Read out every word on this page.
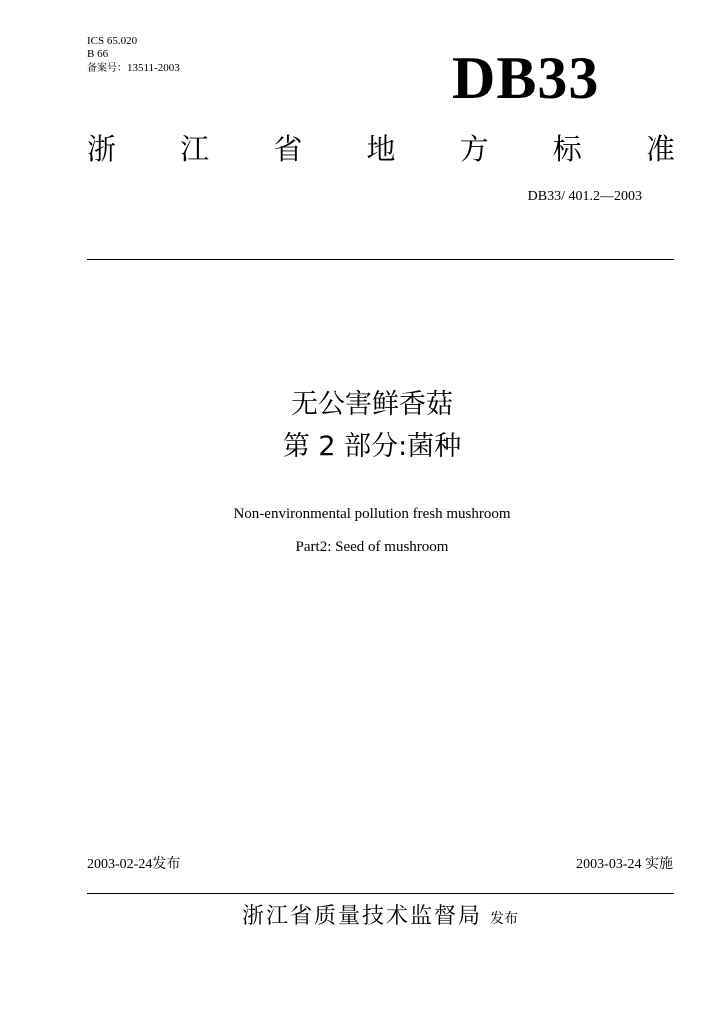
ICS 65.020
B 66
备案号：13511-2003	DB33
浙 江 省 地 方 标 准
DB33/ 401.2—2003
无公害鲜香菇
第 2 部分:菌种
Non-environmental pollution fresh mushroom
Part2: Seed of mushroom
2003-02-24发布	2003-03-24 实施
浙江省质量技术监督局 发布
